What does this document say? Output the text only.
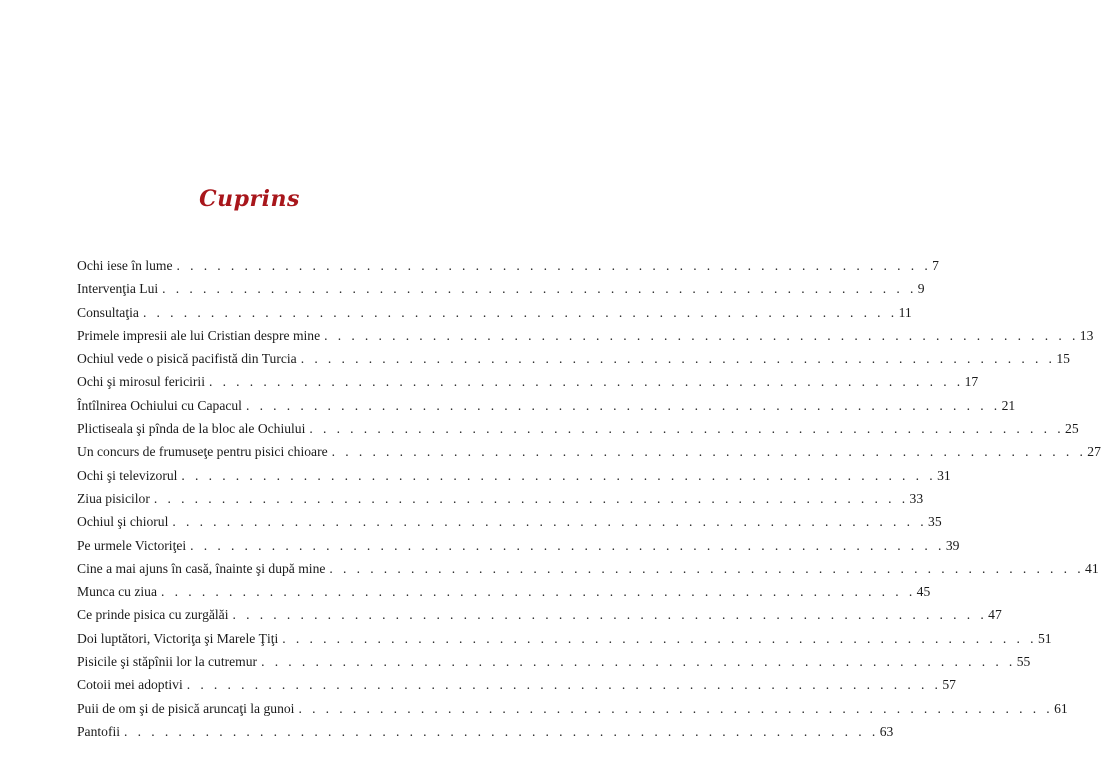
Cuprins
Ochi iese în lume . . . . . . . . . . . . . . . . . . . . . . . . . . . . . . . . . . . . . . . . . . . . . . . . . . . . . . . . 7
Intervenţia Lui . . . . . . . . . . . . . . . . . . . . . . . . . . . . . . . . . . . . . . . . . . . . . . . . . . . . . . . . 9
Consultaţia . . . . . . . . . . . . . . . . . . . . . . . . . . . . . . . . . . . . . . . . . . . . . . . . . . . . . . . . 11
Primele impresii ale lui Cristian despre mine . . . . . . . . . . . . . . . . . . . . . . . . . . . . . . . . . . . . . . . . . . . . . . . . . . . . . . . . 13
Ochiul vede o pisică pacifistă din Turcia . . . . . . . . . . . . . . . . . . . . . . . . . . . . . . . . . . . . . . . . . . . . . . . . . . . . . . . . 15
Ochi şi mirosul fericirii . . . . . . . . . . . . . . . . . . . . . . . . . . . . . . . . . . . . . . . . . . . . . . . . . . . . . . . . 17
Întîlnirea Ochiului cu Capacul . . . . . . . . . . . . . . . . . . . . . . . . . . . . . . . . . . . . . . . . . . . . . . . . . . . . . . . . 21
Plictiseala şi pînda de la bloc ale Ochiului . . . . . . . . . . . . . . . . . . . . . . . . . . . . . . . . . . . . . . . . . . . . . . . . . . . . . . . . 25
Un concurs de frumuseţe pentru pisici chioare . . . . . . . . . . . . . . . . . . . . . . . . . . . . . . . . . . . . . . . . . . . . . . . . . . . . . . . . 27
Ochi şi televizorul . . . . . . . . . . . . . . . . . . . . . . . . . . . . . . . . . . . . . . . . . . . . . . . . . . . . . . . . 31
Ziua pisicilor . . . . . . . . . . . . . . . . . . . . . . . . . . . . . . . . . . . . . . . . . . . . . . . . . . . . . . . . 33
Ochiul şi chiorul . . . . . . . . . . . . . . . . . . . . . . . . . . . . . . . . . . . . . . . . . . . . . . . . . . . . . . . . 35
Pe urmele Victoriţei . . . . . . . . . . . . . . . . . . . . . . . . . . . . . . . . . . . . . . . . . . . . . . . . . . . . . . . . 39
Cine a mai ajuns în casă, înainte şi după mine . . . . . . . . . . . . . . . . . . . . . . . . . . . . . . . . . . . . . . . . . . . . . . . . . . . . . . . . 41
Munca cu ziua . . . . . . . . . . . . . . . . . . . . . . . . . . . . . . . . . . . . . . . . . . . . . . . . . . . . . . . . 45
Ce prinde pisica cu zurgălăi . . . . . . . . . . . . . . . . . . . . . . . . . . . . . . . . . . . . . . . . . . . . . . . . . . . . . . . . 47
Doi luptători, Victoriţa şi Marele Ţiţi . . . . . . . . . . . . . . . . . . . . . . . . . . . . . . . . . . . . . . . . . . . . . . . . . . . . . . . . 51
Pisicile şi stăpînii lor la cutremur . . . . . . . . . . . . . . . . . . . . . . . . . . . . . . . . . . . . . . . . . . . . . . . . . . . . . . . . 55
Cotoii mei adoptivi . . . . . . . . . . . . . . . . . . . . . . . . . . . . . . . . . . . . . . . . . . . . . . . . . . . . . . . . 57
Puii de om şi de pisică aruncaţi la gunoi . . . . . . . . . . . . . . . . . . . . . . . . . . . . . . . . . . . . . . . . . . . . . . . . . . . . . . . . 61
Pantofii . . . . . . . . . . . . . . . . . . . . . . . . . . . . . . . . . . . . . . . . . . . . . . . . . . . . . . . . 63
